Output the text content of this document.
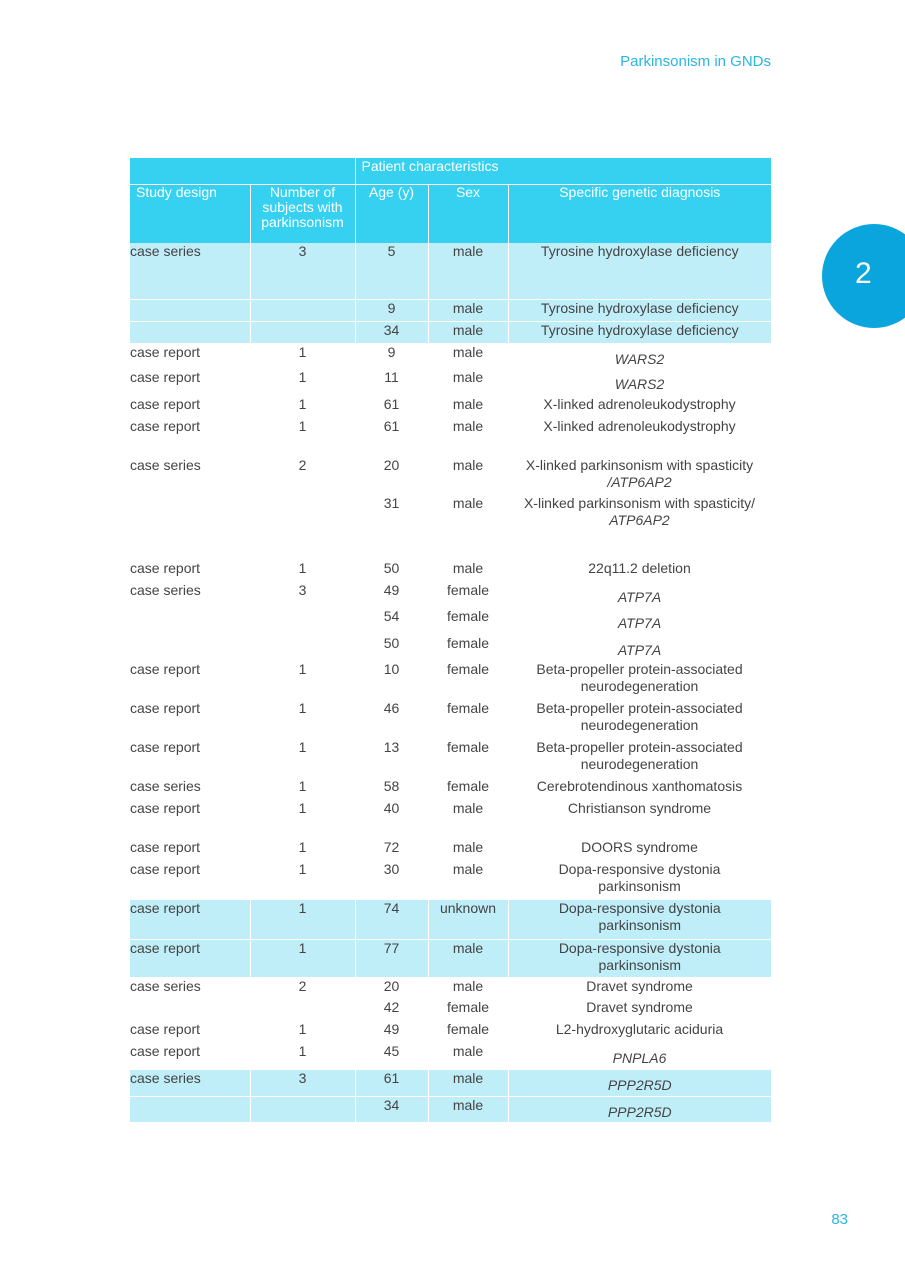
Parkinsonism in GNDs
2
		Patient characteristics		
Study design	Number of subjects with parkinsonism	Age (y)	Sex	Specific genetic diagnosis
case series	3	5	male	Tyrosine hydroxylase deficiency
		9	male	Tyrosine hydroxylase deficiency
		34	male	Tyrosine hydroxylase deficiency
case report	1	9	male	WARS2
case report	1	11	male	WARS2
case report	1	61	male	X-linked adrenoleukodystrophy
case report	1	61	male	X-linked adrenoleukodystrophy
case series	2	20	male	X-linked parkinsonism with spasticity
/ATP6AP2
		31	male	X-linked parkinsonism with spasticity/
ATP6AP2
case report	1	50	male	22q11.2 deletion
case series	3	49	female	ATP7A
		54	female	ATP7A
		50	female	ATP7A
case report	1	10	female	Beta-propeller protein-associated
neurodegeneration
case report	1	46	female	Beta-propeller protein-associated
neurodegeneration
case report	1	13	female	Beta-propeller protein-associated
neurodegeneration
case series	1	58	female	Cerebrotendinous xanthomatosis
case report	1	40	male	Christianson syndrome
case report	1	72	male	DOORS syndrome
case report	1	30	male	Dopa-responsive dystonia
parkinsonism
case report	1	74	unknown	Dopa-responsive dystonia
parkinsonism
case report	1	77	male	Dopa-responsive dystonia
parkinsonism
case series	2	20	male	Dravet syndrome
		42	female	Dravet syndrome
case report	1	49	female	L2-hydroxyglutaric aciduria
case report	1	45	male	PNPLA6
case series	3	61	male	PPP2R5D
		34	male	PPP2R5D
83
